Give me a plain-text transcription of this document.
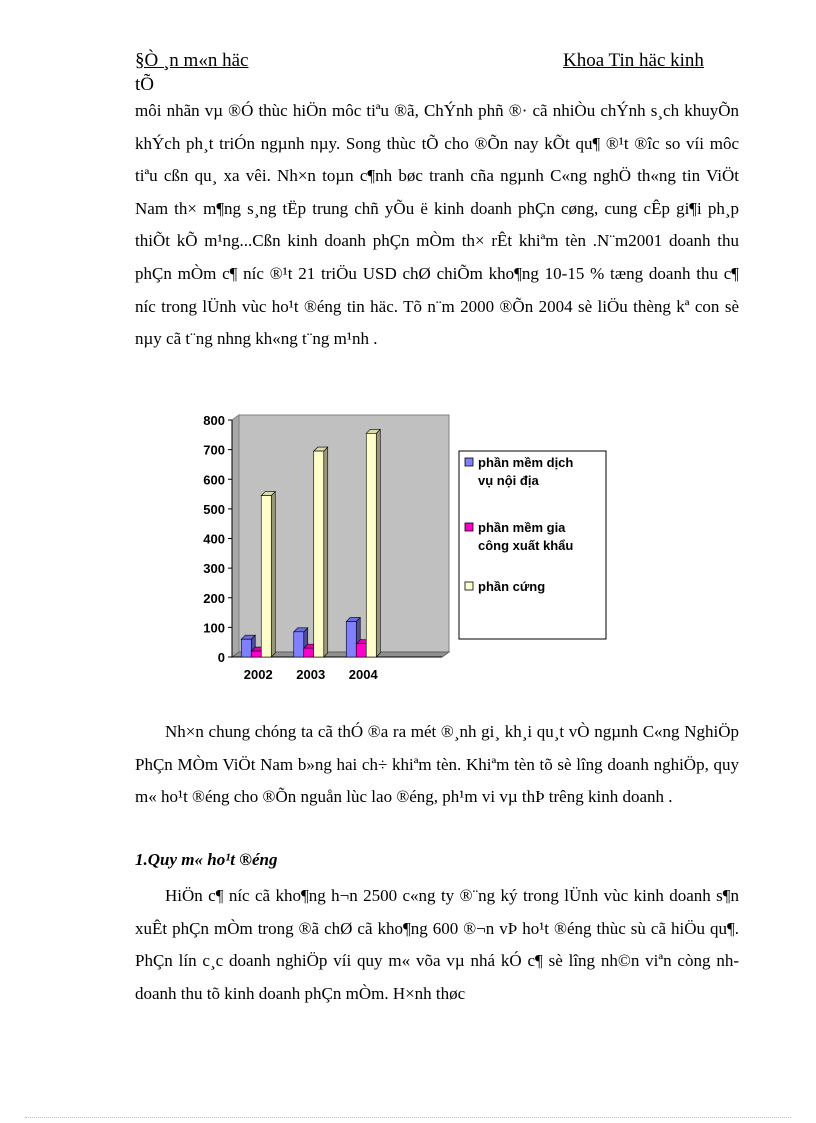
§Ò ¸n m«n häc	Khoa Tin häc kinh
tÕ

môi nhãn vµ ®Ó thùc hiÖn môc tiªu ®ã, ChÝnh phñ ®· cã nhiÒu chÝnh s¸ch khuyÕn khÝch ph¸t triÓn ngµnh nµy. Song thùc tÕ cho ®Õn nay kÕt qu¶ ®¹t ®îc so víi môc tiªu cßn qu¸ xa vêi. Nh×n toµn c¶nh bøc tranh cña ngµnh C«ng nghÖ th«ng tin ViÖt Nam th× m¶ng s¸ng tËp trung chñ yÕu ë kinh doanh phÇn cøng, cung cÊp gi¶i ph¸p thiÕt kÕ m¹ng...Cßn kinh doanh phÇn mÒm th× rÊt khiªm tèn .N¨m2001 doanh thu phÇn mÒm c¶ níc ®¹t 21 triÖu USD chØ chiÕm kho¶ng 10-15 % tæng doanh thu c¶ níc trong lÜnh vùc ho¹t ®éng tin häc. Tõ n¨m 2000 ®Õn 2004 sè liÖu thèng kª con sè nµy cã t¨ng nhng kh«ng t¨ng m¹nh .

0
100
200
300
400
500
600
700
800
2002 2003 2004
phần mềm dịch
vụ nội địa
phần mềm gia
công xuất khẩu
phần cứng

Nh×n chung chóng ta cã thÓ ®a ra mét ®¸nh gi¸ kh¸i qu¸t vÒ ngµnh C«ng NghiÖp PhÇn MÒm ViÖt Nam b»ng hai ch÷ khiªm tèn. Khiªm tèn tõ sè lîng doanh nghiÖp, quy m« ho¹t ®éng cho ®Õn nguån lùc lao ®éng, ph¹m vi vµ thÞ trêng kinh doanh .

1.Quy m« ho¹t ®éng

HiÖn c¶ níc cã kho¶ng h¬n 2500 c«ng ty ®¨ng ký trong lÜnh vùc kinh doanh s¶n xuÊt phÇn mÒm trong ®ã chØ cã kho¶ng 600 ®¬n vÞ ho¹t ®éng thùc sù cã hiÖu qu¶. PhÇn lín c¸c doanh nghiÖp víi quy m« võa vµ nhá kÓ c¶ sè lîng nh©n viªn còng nh doanh thu tõ kinh doanh phÇn mÒm. H×nh thøc
